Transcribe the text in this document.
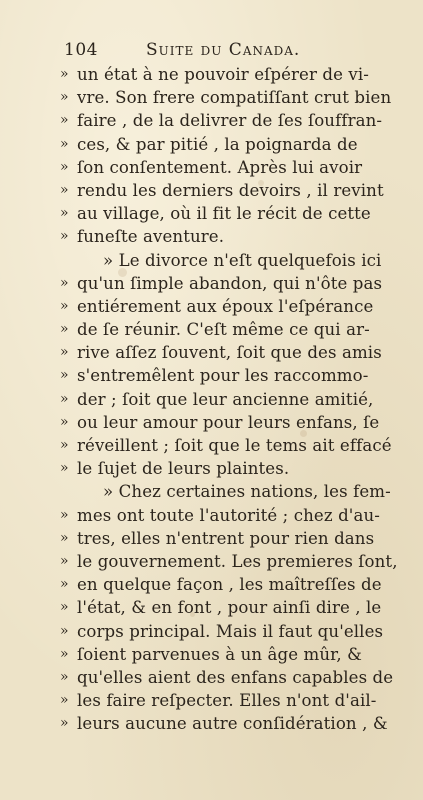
104	Suite du Canada.
» un état à ne pouvoir eſpérer de vi-
» vre. Son frere compatiſſant crut bien
» faire , de la delivrer de ſes ſouffran-
» ces, & par pitié , la poignarda de
» ſon conſentement. Après lui avoir
» rendu les derniers devoirs , il revint
» au village, où il fit le récit de cette
» funeſte aventure.
» Le divorce n'eſt quelquefois ici
» qu'un ſimple abandon, qui n'ôte pas
» entiérement aux époux l'eſpérance
» de ſe réunir. C'eſt même ce qui ar-
» rive aſſez ſouvent, ſoit que des amis
» s'entremêlent pour les raccommo-
» der ; ſoit que leur ancienne amitié,
» ou leur amour pour leurs enfans, ſe
» réveillent ; ſoit que le tems ait effacé
» le ſujet de leurs plaintes.
» Chez certaines nations, les fem-
» mes ont toute l'autorité ; chez d'au-
» tres, elles n'entrent pour rien dans
» le gouvernement. Les premieres ſont,
» en quelque façon , les maîtreſſes de
» l'état, & en font , pour ainſi dire , le
» corps principal. Mais il faut qu'elles
» ſoient parvenues à un âge mûr, &
» qu'elles aient des enfans capables de
» les faire reſpecter. Elles n'ont d'ail-
» leurs aucune autre conſidération , &
